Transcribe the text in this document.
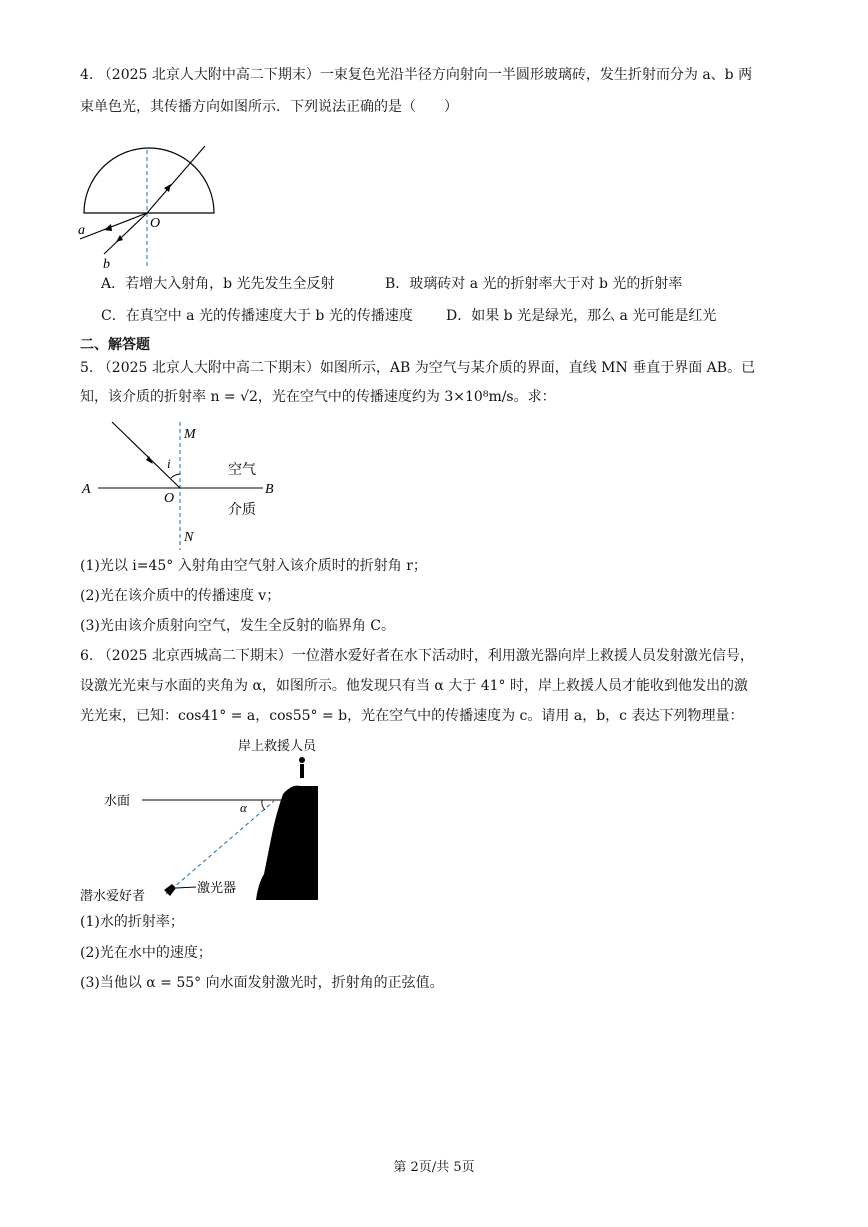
4. （2025 北京人大附中高二下期末）一束复色光沿半径方向射向一半圆形玻璃砖，发生折射而分为 a、b 两
束单色光，其传播方向如图所示．下列说法正确的是（　　）
O
a
b
A．若增大入射角，b 光先发生全反射	B．玻璃砖对 a 光的折射率大于对 b 光的折射率
C．在真空中 a 光的传播速度大于 b 光的传播速度 D．如果 b 光是绿光，那么 a 光可能是红光
二、解答题
5. （2025 北京人大附中高二下期末）如图所示，AB 为空气与某介质的界面，直线 MN 垂直于界面 AB。已
知，该介质的折射率 n = √2，光在空气中的传播速度约为 3×10⁸m/s。求：
M
i	空气
A	B
O
介质
N
(1)光以 i=45° 入射角由空气射入该介质时的折射角 r；
(2)光在该介质中的传播速度 v；
(3)光由该介质射向空气，发生全反射的临界角 C。
6. （2025 北京西城高二下期末）一位潜水爱好者在水下活动时，利用激光器向岸上救援人员发射激光信号，
设激光光束与水面的夹角为 α，如图所示。他发现只有当 α 大于 41° 时，岸上救援人员才能收到他发出的激
光光束，已知：cos41° = a，cos55° = b，光在空气中的传播速度为 c。请用 a，b，c 表达下列物理量：
岸上救援人员
水面	α
激光器
潜水爱好者
(1)水的折射率；
(2)光在水中的速度；
(3)当他以 α = 55° 向水面发射激光时，折射角的正弦值。
第 2页/共 5页
